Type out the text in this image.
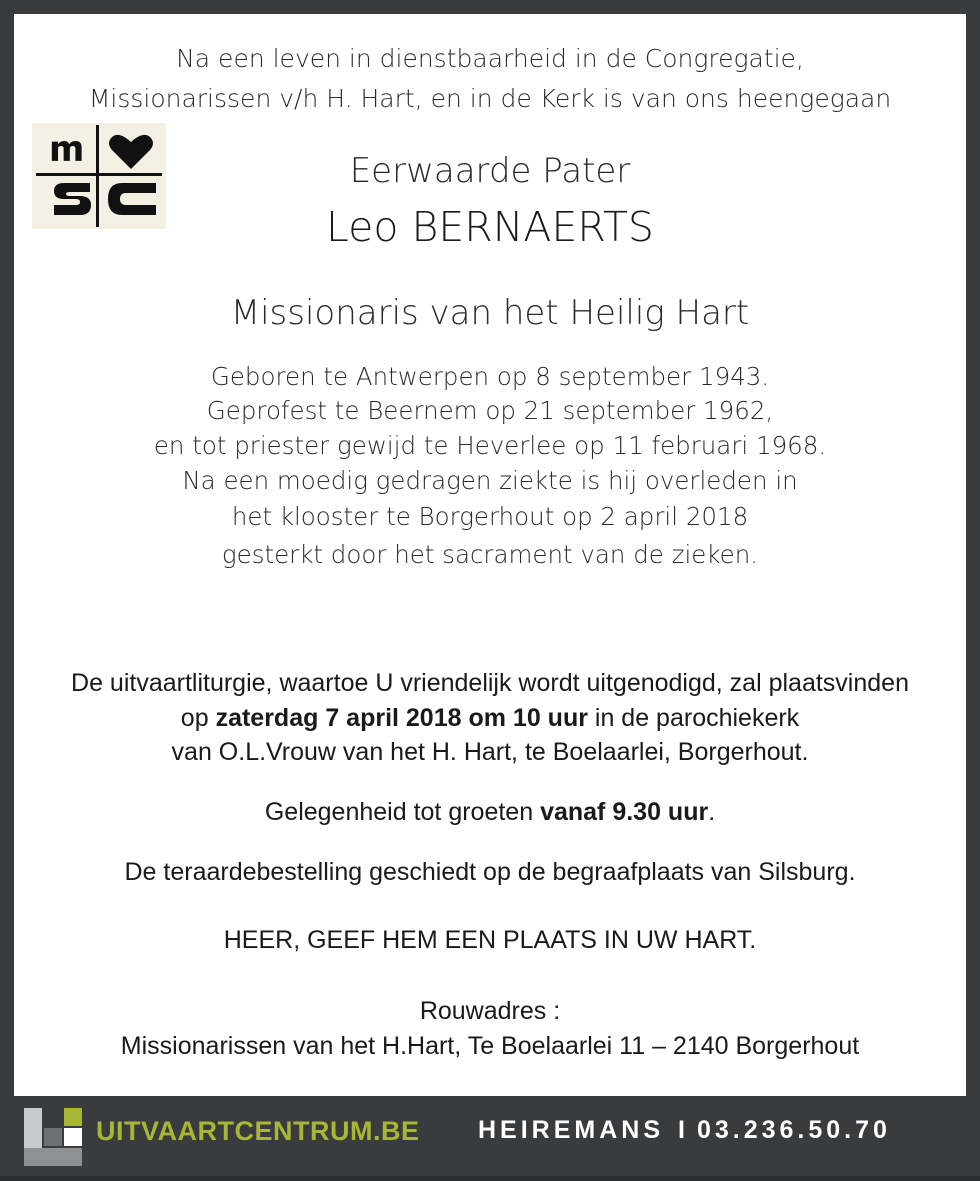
Na een leven in dienstbaarheid in de Congregatie,

Missionarissen v/h H. Hart, en in de Kerk is van ons heengegaan

Eerwaarde Pater

Leo BERNAERTS

Missionaris van het Heilig Hart

Geboren te Antwerpen op 8 september 1943.

Geprofest te Beernem op 21 september 1962,

en tot priester gewijd te Heverlee op 11 februari 1968.

Na een moedig gedragen ziekte is hij overleden in

het klooster te Borgerhout op 2 april 2018

gesterkt door het sacrament van de zieken.

De uitvaartliturgie, waartoe U vriendelijk wordt uitgenodigd, zal plaatsvinden

op zaterdag 7 april 2018 om 10 uur in de parochiekerk

van O.L.Vrouw van het H. Hart, te Boelaarlei, Borgerhout.

Gelegenheid tot groeten vanaf 9.30 uur.

De teraardebestelling geschiedt op de begraafplaats van Silsburg.

HEER, GEEF HEM EEN PLAATS IN UW HART.

Rouwadres :

Missionarissen van het H.Hart, Te Boelaarlei 11 – 2140 Borgerhout

UITVAARTCENTRUM.BE HEIREMANS I 03.236.50.70
